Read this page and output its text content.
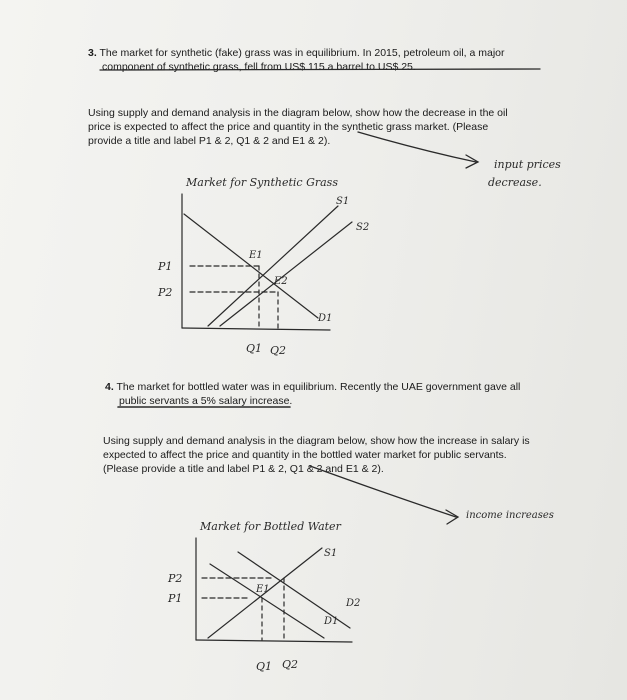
3. The market for synthetic (fake) grass was in equilibrium. In 2015, petroleum oil, a major
component of synthetic grass, fell from US$ 115 a barrel to US$ 25.
Using supply and demand analysis in the diagram below, show how the decrease in the oil
price is expected to affect the price and quantity in the synthetic grass market. (Please
provide a title and label P1 & 2, Q1 & 2 and E1 & 2).
input prices
decrease.
4. The market for bottled water was in equilibrium. Recently the UAE government gave all
public servants a 5% salary increase.
Using supply and demand analysis in the diagram below, show how the increase in salary is
expected to affect the price and quantity in the bottled water market for public servants.
(Please provide a title and label P1 & 2, Q1 & 2 and E1 & 2).
income increases
Market for Synthetic Grass
S1
S2
D1
E1
E2
P1
P2
Q1 Q2
Market for Bottled Water
S1
D1
D2
E1
P2
P1
Q1 Q2
